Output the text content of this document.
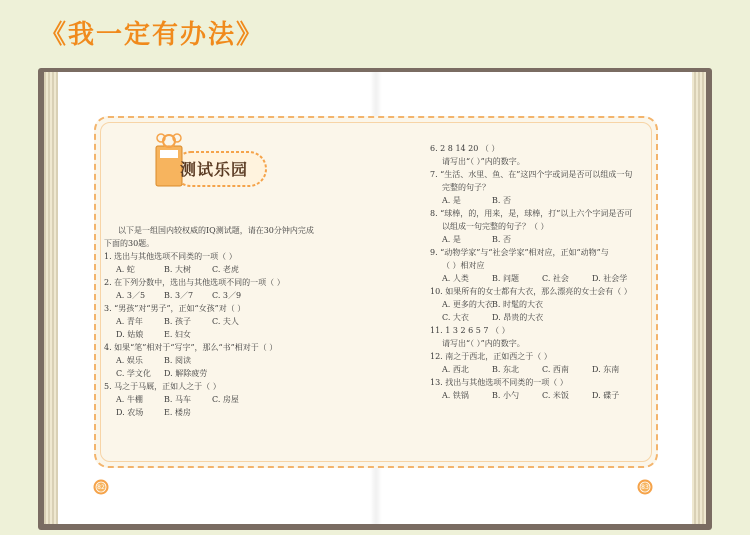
《我一定有办法》
测试乐园

以下是一组国内较权威的IQ测试题，请在30分钟内完成

下面的30题。

1. 选出与其他选项不同类的一项（ ）

A. 蛇	B. 大树	C. 老虎

2. 在下列分数中，选出与其他选项不同的一项（ ）

A. 3／5	B. 3／7	C. 3／9

3. “男孩”对“男子”，正如“女孩”对（ ）

A. 青年	B. 孩子	C. 夫人
D. 姑娘	E. 妇女

4. 如果“笔”相对于“写字”，那么“书”相对于（ ）

A. 娱乐	B. 阅读
C. 学文化	D. 解除疲劳

5. 马之于马厩，正如人之于（ ）

A. 牛棚	B. 马车	C. 房屋
D. 农场	E. 楼房

6. 2 8 14 20 （ ）

请写出“（ ）”内的数字。

7. “生活、水里、鱼、在”这四个字或词是否可以组成一句

完整的句子？

A. 是	B. 否

8. “球棒，的，用来，是，球棒，打”以上六个字词是否可

以组成一句完整的句子？（ ）

A. 是	B. 否

9. “动物学家”与“社会学家”相对应，正如“动物”与

（ ）相对应

A. 人类	B. 问题	C. 社会	D. 社会学

10. 如果所有的女士都有大衣，那么漂亮的女士会有（ ）

A. 更多的大衣 B. 时髦的大衣
C. 大衣	D. 昂贵的大衣

11. 1 3 2 6 5 7 （ ）

请写出“（ ）”内的数字。

12. 南之于西北，正如西之于（ ）

A. 西北	B. 东北	C. 西南	D. 东南

13. 找出与其他选项不同类的一项（ ）

A. 铁锅	B. 小勺	C. 米饭	D. 碟子
82	83
